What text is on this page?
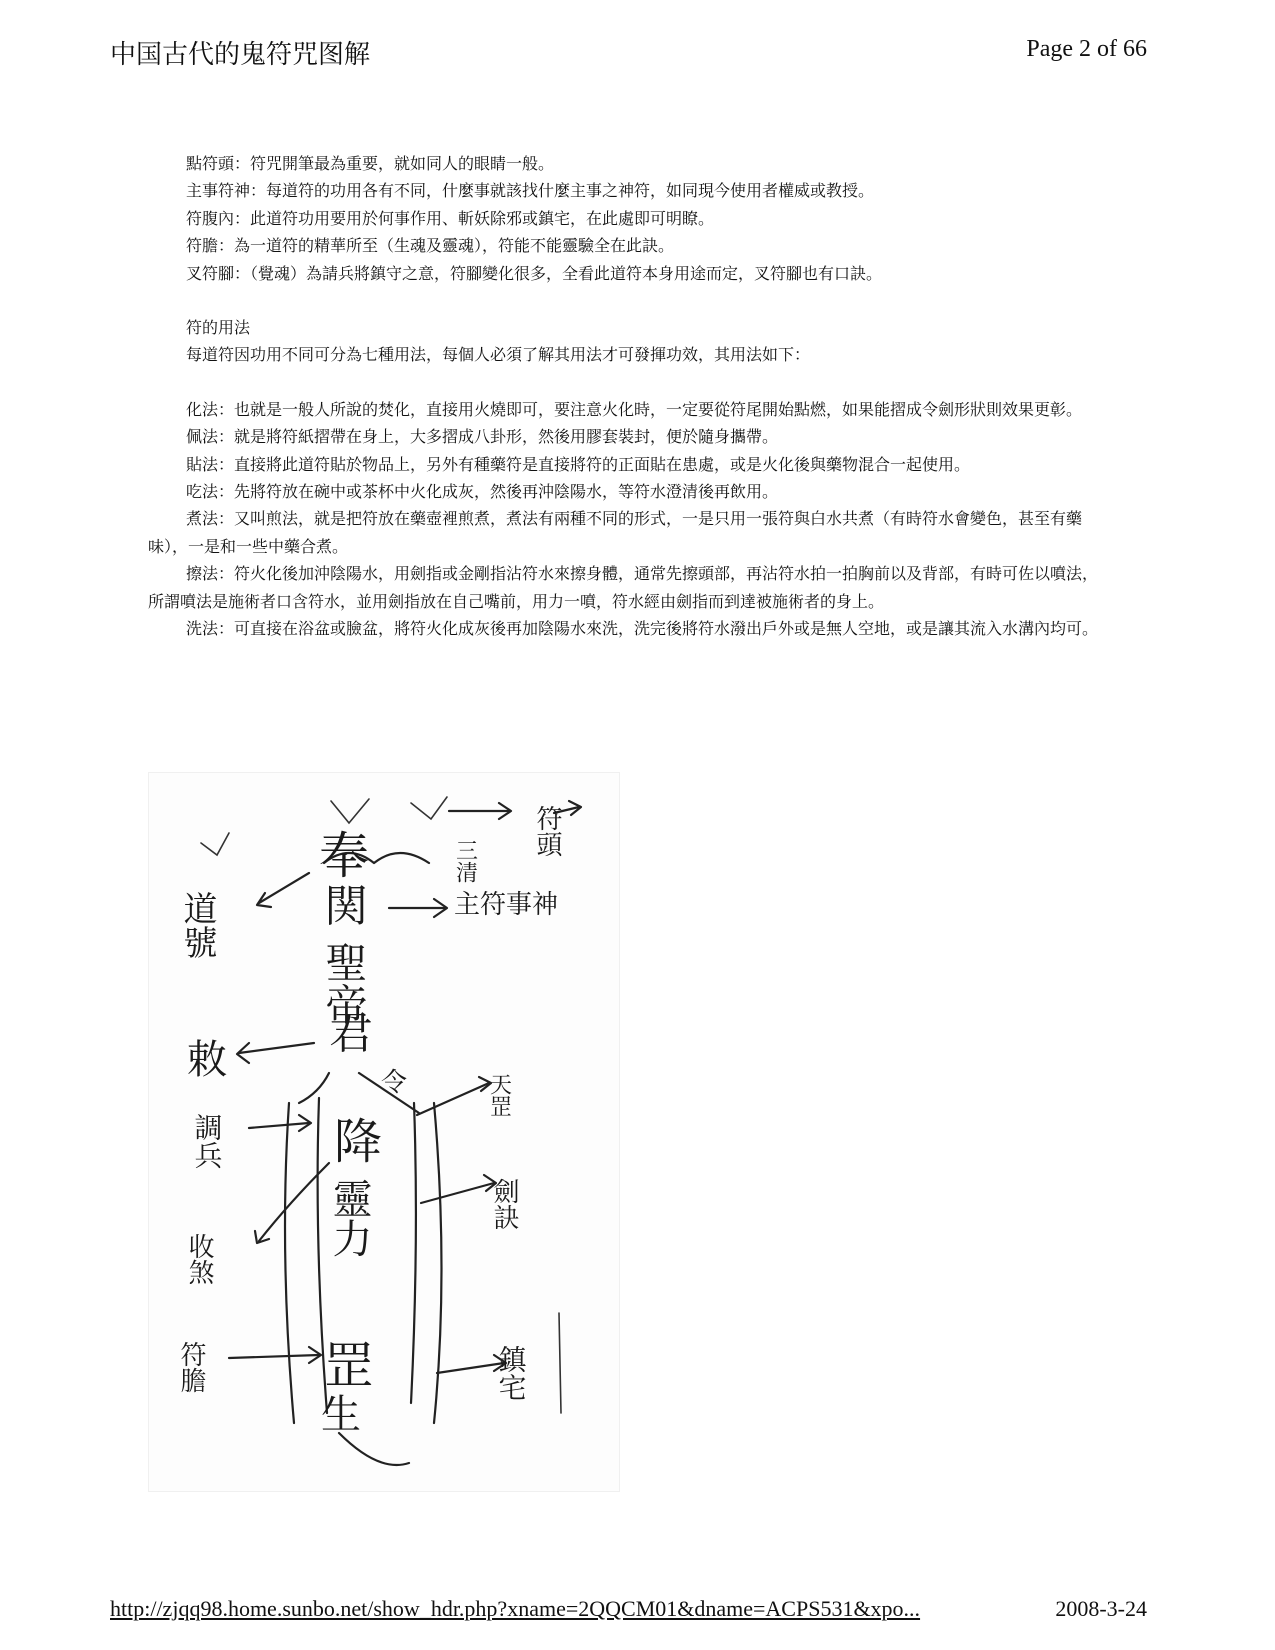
中国古代的鬼符咒图解	Page 2 of 66

點符頭：符咒開筆最為重要，就如同人的眼睛一般。

主事符神：每道符的功用各有不同，什麼事就該找什麼主事之神符，如同現今使用者權威或教授。

符腹內：此道符功用要用於何事作用、斬妖除邪或鎮宅，在此處即可明瞭。

符膽：為一道符的精華所至（生魂及靈魂），符能不能靈驗全在此訣。

叉符腳：（覺魂）為請兵將鎮守之意，符腳變化很多，全看此道符本身用途而定，叉符腳也有口訣。

符的用法

每道符因功用不同可分為七種用法，每個人必須了解其用法才可發揮功效，其用法如下：

化法：也就是一般人所說的焚化，直接用火燒即可，要注意火化時，一定要從符尾開始點燃，如果能摺成令劍形狀則效果更彰。

佩法：就是將符紙摺帶在身上，大多摺成八卦形，然後用膠套裝封，便於隨身攜帶。

貼法：直接將此道符貼於物品上，另外有種藥符是直接將符的正面貼在患處，或是火化後與藥物混合一起使用。

吃法：先將符放在碗中或茶杯中火化成灰，然後再沖陰陽水，等符水澄清後再飲用。

煮法：又叫煎法，就是把符放在藥壺裡煎煮，煮法有兩種不同的形式，一是只用一張符與白水共煮（有時符水會變色，甚至有藥味），一是和一些中藥合煮。

擦法：符火化後加沖陰陽水，用劍指或金剛指沾符水來擦身體，通常先擦頭部，再沾符水拍一拍胸前以及背部，有時可佐以噴法，所謂噴法是施術者口含符水，並用劍指放在自己嘴前，用力一噴，符水經由劍指而到達被施術者的身上。

洗法：可直接在浴盆或臉盆，將符火化成灰後再加陰陽水來洗，洗完後將符水潑出戶外或是無人空地，或是讓其流入水溝內均可。

三清
符頭
道號
奉
関
聖帝
君
令
主符事神
敕
天罡
調兵 降
靈力
收煞
劍訣
罡
生
符膽	鎮宅
http://zjqq98.home.sunbo.net/show_hdr.php?xname=2QQCM01&dname=ACPS531&xpo...	2008-3-24
